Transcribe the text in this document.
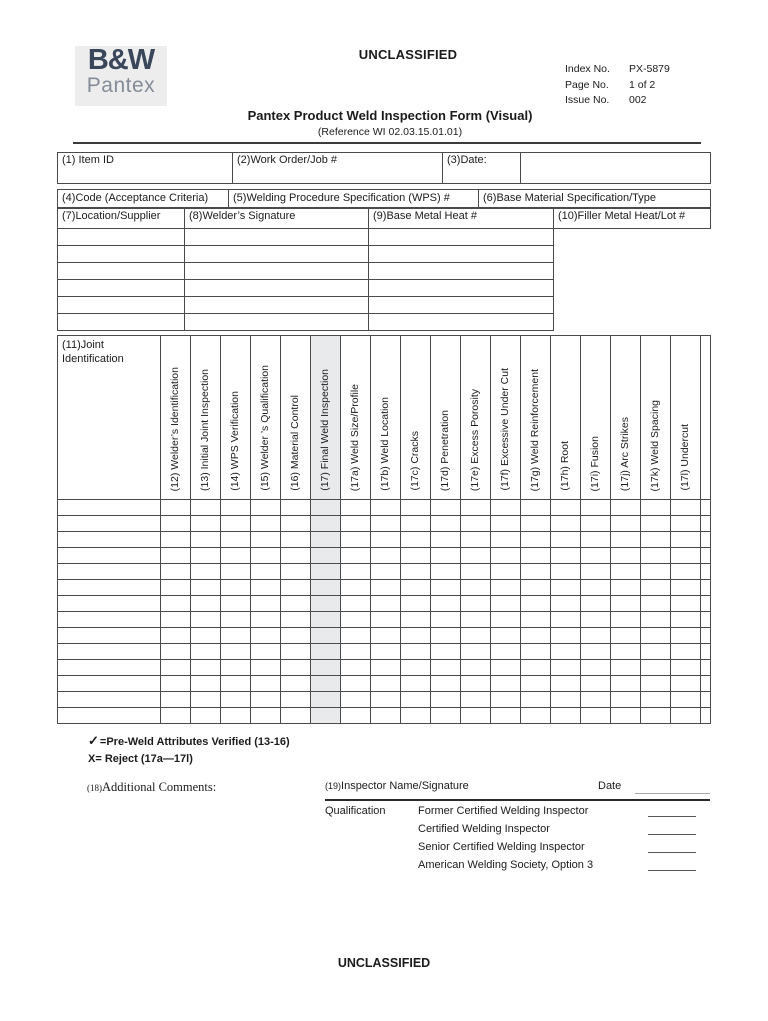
UNCLASSIFIED
B&W
Pantex
Index No.	PX-5879
Page No.	1 of 2
Issue No.	002
Pantex Product Weld Inspection Form (Visual)
(Reference WI 02.03.15.01.01)
(1) Item ID	(2)Work Order/Job #	(3)Date:	
(4)Code (Acceptance Criteria)	(5)Welding Procedure Specification (WPS) #	(6)Base Material Specification/Type
(7)Location/Supplier	(8)Welder’s Signature	(9)Base Metal Heat #	(10)Filler Metal Heat/Lot #

(11)Joint
Identification	(12) Welder’s Identification	(13) Initial Joint Inspection	(14) WPS Verification	(15) Welder ’s Qualification	(16) Material Control	(17) Final Weld Inspection	(17a) Weld Size/Profile	(17b) Weld Location	(17c) Cracks	(17d) Penetration	(17e) Excess Porosity	(17f) Excessive Under Cut	(17g) Weld Reinforcement	(17h) Root	(17i) Fusion	(17j) Arc Strikes	(17k) Weld Spacing	(17l) Undercut	

✓=Pre-Weld Attributes Verified (13-16)
X= Reject (17a—17l)
(18)Additional Comments:	(19)Inspector Name/Signature	Date
Qualification	Former Certified Welding Inspector
Certified Welding Inspector
Senior Certified Welding Inspector
American Welding Society, Option 3
UNCLASSIFIED
